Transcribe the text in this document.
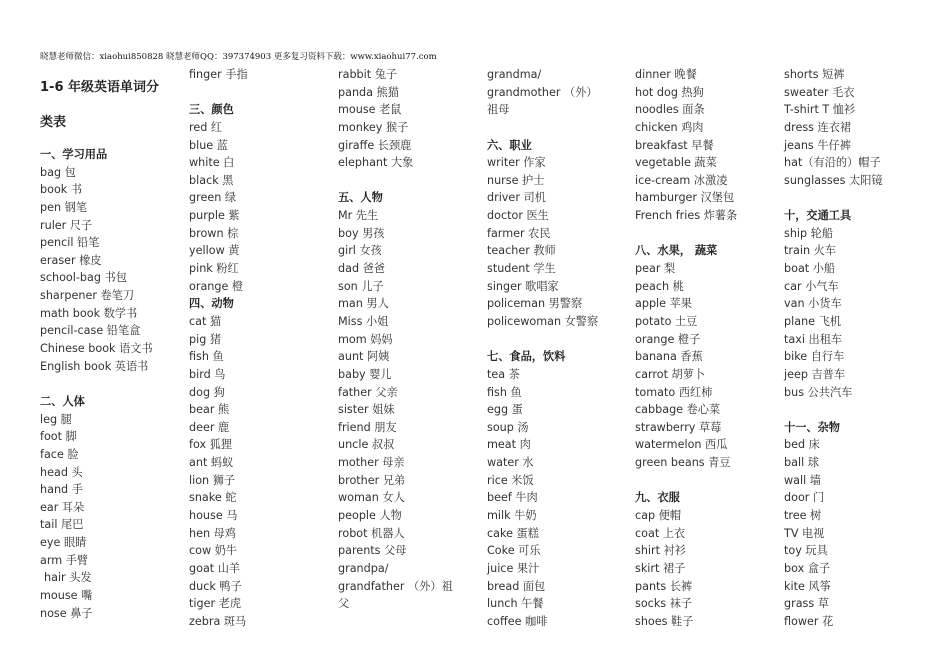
晓慧老师微信：xiaohui850828 晓慧老师QQ：397374903 更多复习资料下载：www.xiaohui77.com
1-6 年级英语单词分
类表
一、学习用品
bag 包
book 书
pen 钢笔
ruler 尺子
pencil 铅笔
eraser 橡皮
school-bag 书包
sharpener 卷笔刀
math book 数学书
pencil-case 铅笔盒
Chinese book 语文书
English book 英语书
二、人体
leg 腿
foot 脚
face 脸
head 头
hand 手
ear 耳朵
tail 尾巴
eye 眼睛
arm 手臂
hair 头发
mouse 嘴
nose 鼻子
finger 手指
三、颜色
red 红
blue 蓝
white 白
black 黑
green 绿
purple 紫
brown 棕
yellow 黄
pink 粉红
orange 橙
四、动物
cat 猫
pig 猪
fish 鱼
bird 鸟
dog 狗
bear 熊
deer 鹿
fox 狐狸
ant 蚂蚁
lion 狮子
snake 蛇
house 马
hen 母鸡
cow 奶牛
goat 山羊
duck 鸭子
tiger 老虎
zebra 斑马
rabbit 兔子
panda 熊猫
mouse 老鼠
monkey 猴子
giraffe 长颈鹿
elephant 大象
五、人物
Mr 先生
boy 男孩
girl 女孩
dad 爸爸
son 儿子
man 男人
Miss 小姐
mom 妈妈
aunt 阿姨
baby 婴儿
father 父亲
sister 姐妹
friend 朋友
uncle 叔叔
mother 母亲
brother 兄弟
woman 女人
people 人物
robot 机器人
parents 父母
grandpa/
grandfather （外）祖
父
grandma/
grandmother （外）
祖母
六、职业
writer 作家
nurse 护士
driver 司机
doctor 医生
farmer 农民
teacher 教师
student 学生
singer 歌唱家
policeman 男警察
policewoman 女警察
七、食品，饮料
tea 茶
fish 鱼
egg 蛋
soup 汤
meat 肉
water 水
rice 米饭
beef 牛肉
milk 牛奶
cake 蛋糕
Coke 可乐
juice 果汁
bread 面包
lunch 午餐
coffee 咖啡
dinner 晚餐
hot dog 热狗
noodles 面条
chicken 鸡肉
breakfast 早餐
vegetable 蔬菜
ice-cream 冰激凌
hamburger 汉堡包
French fries 炸薯条
八、水果， 蔬菜
pear 梨
peach 桃
apple 苹果
potato 土豆
orange 橙子
banana 香蕉
carrot 胡萝卜
tomato 西红柿
cabbage 卷心菜
strawberry 草莓
watermelon 西瓜
green beans 青豆
九、衣服
cap 便帽
coat 上衣
shirt 衬衫
skirt 裙子
pants 长裤
socks 袜子
shoes 鞋子
shorts 短裤
sweater 毛衣
T-shirt T 恤衫
dress 连衣裙
jeans 牛仔裤
hat（有沿的）帽子
sunglasses 太阳镜
十，交通工具
ship 轮船
train 火车
boat 小船
car 小气车
van 小货车
plane 飞机
taxi 出租车
bike 自行车
jeep 吉普车
bus 公共汽车
十一、杂物
bed 床
ball 球
wall 墙
door 门
tree 树
TV 电视
toy 玩具
box 盒子
kite 风筝
grass 草
flower 花
